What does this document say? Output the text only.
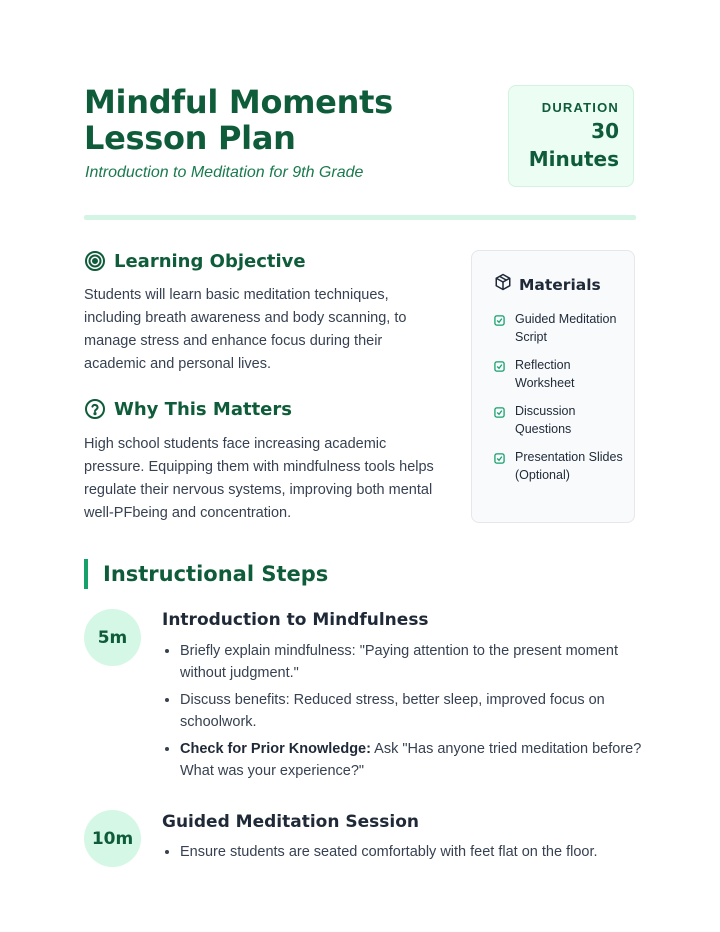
Mindful Moments Lesson Plan

Introduction to Meditation for 9th Grade

DURATION
30
Minutes
Learning Objective

Students will learn basic meditation techniques, including breath awareness and body scanning, to manage stress and enhance focus during their academic and personal lives.

Why This Matters

High school students face increasing academic pressure. Equipping them with mindfulness tools helps regulate their nervous systems, improving both mental well-PFbeing and concentration.

Materials
Guided Meditation Script
Reflection Worksheet
Discussion Questions
Presentation Slides (Optional)
Instructional Steps
5m
Introduction to Mindfulness
• Briefly explain mindfulness: "Paying attention to the present moment without judgment."
• Discuss benefits: Reduced stress, better sleep, improved focus on schoolwork.
• Check for Prior Knowledge: Ask "Has anyone tried meditation before? What was your experience?"
10m
Guided Meditation Session
• Ensure students are seated comfortably with feet flat on the floor.
